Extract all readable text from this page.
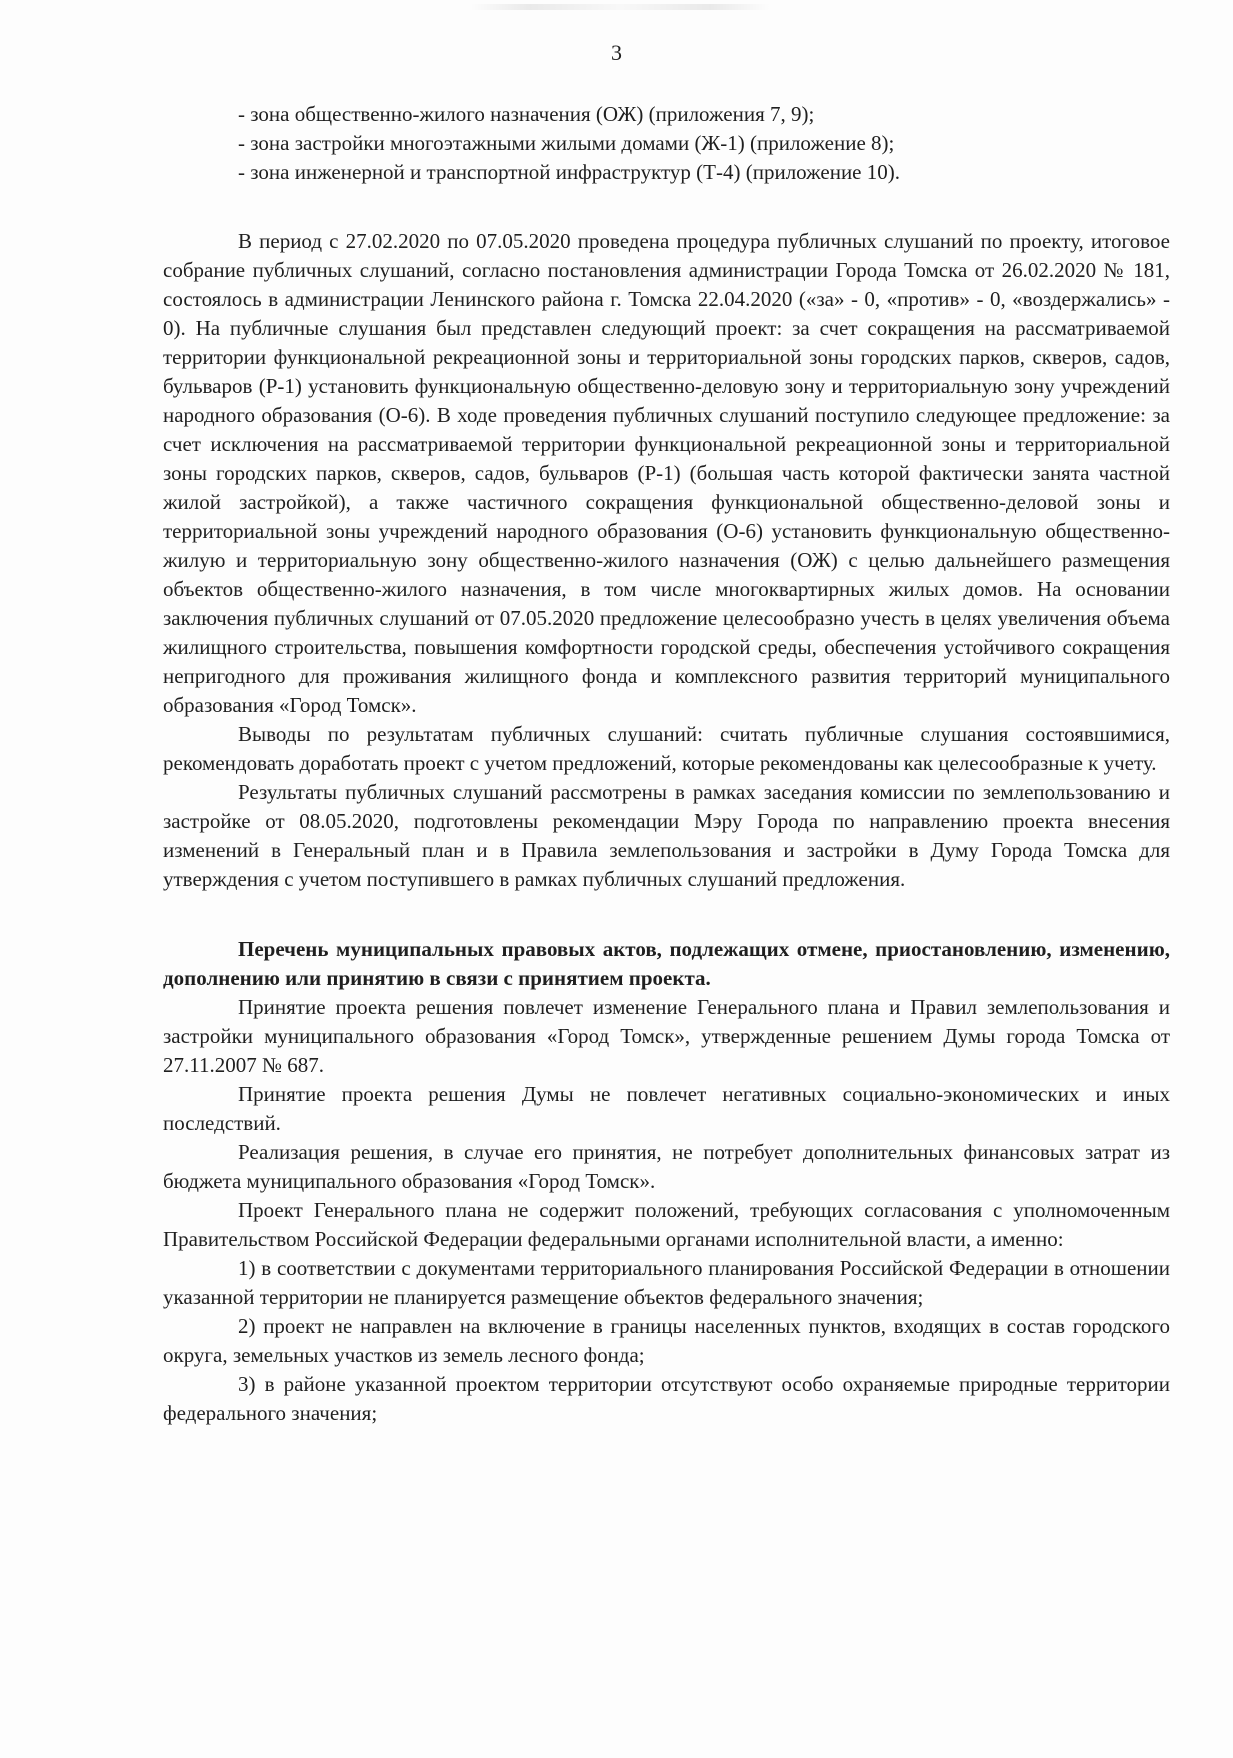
3
- зона общественно-жилого назначения (ОЖ) (приложения 7, 9);
- зона застройки многоэтажными жилыми домами (Ж-1) (приложение 8);
- зона инженерной и транспортной инфраструктур (Т-4) (приложение 10).

В период с 27.02.2020 по 07.05.2020 проведена процедура публичных слушаний по проекту, итоговое собрание публичных слушаний, согласно постановления администрации Города Томска от 26.02.2020 № 181, состоялось в администрации Ленинского района г. Томска 22.04.2020 («за» - 0, «против» - 0, «воздержались» - 0). На публичные слушания был представлен следующий проект: за счет сокращения на рассматриваемой территории функциональной рекреационной зоны и территориальной зоны городских парков, скверов, садов, бульваров (Р-1) установить функциональную общественно-деловую зону и территориальную зону учреждений народного образования (О-6). В ходе проведения публичных слушаний поступило следующее предложение: за счет исключения на рассматриваемой территории функциональной рекреационной зоны и территориальной зоны городских парков, скверов, садов, бульваров (Р-1) (большая часть которой фактически занята частной жилой застройкой), а также частичного сокращения функциональной общественно-деловой зоны и территориальной зоны учреждений народного образования (О-6) установить функциональную общественно-жилую и территориальную зону общественно-жилого назначения (ОЖ) с целью дальнейшего размещения объектов общественно-жилого назначения, в том числе многоквартирных жилых домов. На основании заключения публичных слушаний от 07.05.2020 предложение целесообразно учесть в целях увеличения объема жилищного строительства, повышения комфортности городской среды, обеспечения устойчивого сокращения непригодного для проживания жилищного фонда и комплексного развития территорий муниципального образования «Город Томск».

Выводы по результатам публичных слушаний: считать публичные слушания состоявшимися, рекомендовать доработать проект с учетом предложений, которые рекомендованы как целесообразные к учету.

Результаты публичных слушаний рассмотрены в рамках заседания комиссии по землепользованию и застройке от 08.05.2020, подготовлены рекомендации Мэру Города по направлению проекта внесения изменений в Генеральный план и в Правила землепользования и застройки в Думу Города Томска для утверждения с учетом поступившего в рамках публичных слушаний предложения.

Перечень муниципальных правовых актов, подлежащих отмене, приостановлению, изменению, дополнению или принятию в связи с принятием проекта.

Принятие проекта решения повлечет изменение Генерального плана и Правил землепользования и застройки муниципального образования «Город Томск», утвержденные решением Думы города Томска от 27.11.2007 № 687.

Принятие проекта решения Думы не повлечет негативных социально-экономических и иных последствий.

Реализация решения, в случае его принятия, не потребует дополнительных финансовых затрат из бюджета муниципального образования «Город Томск».

Проект Генерального плана не содержит положений, требующих согласования с уполномоченным Правительством Российской Федерации федеральными органами исполнительной власти, а именно:

1) в соответствии с документами территориального планирования Российской Федерации в отношении указанной территории не планируется размещение объектов федерального значения;

2) проект не направлен на включение в границы населенных пунктов, входящих в состав городского округа, земельных участков из земель лесного фонда;

3) в районе указанной проектом территории отсутствуют особо охраняемые природные территории федерального значения;
